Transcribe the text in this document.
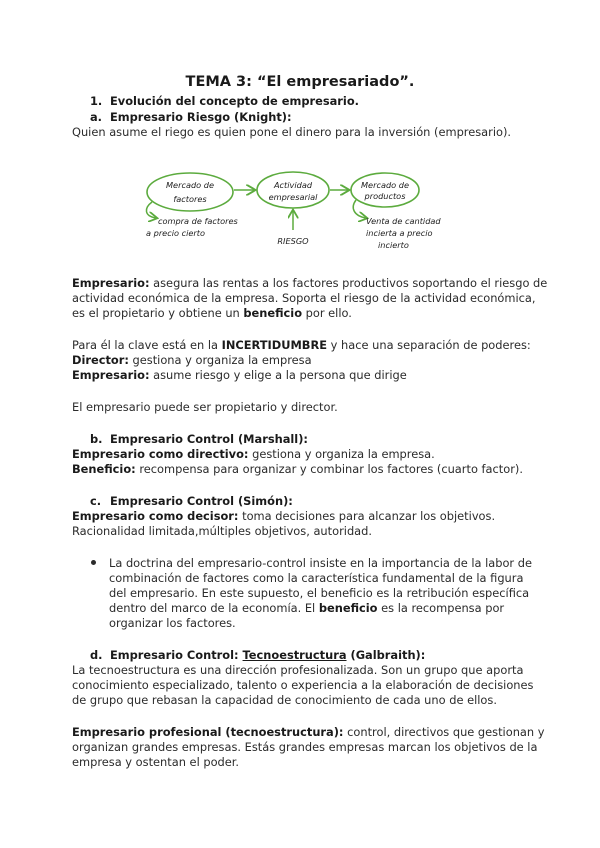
TEMA 3: “El empresariado”.
1. Evolución del concepto de empresario.
a. Empresario Riesgo (Knight):
Quien asume el riego es quien pone el dinero para la inversión (empresario).
Mercado de
factores
Actividad
empresarial
Mercado de
productos
compra de factores
a precio cierto
RIESGO
Venta de cantidad
incierta a precio
incierto
Empresario: asegura las rentas a los factores productivos soportando el riesgo de
actividad económica de la empresa. Soporta el riesgo de la actividad económica,
es el propietario y obtiene un beneficio por ello.
Para él la clave está en la INCERTIDUMBRE y hace una separación de poderes:
Director: gestiona y organiza la empresa
Empresario: asume riesgo y elige a la persona que dirige
El empresario puede ser propietario y director.
b. Empresario Control (Marshall):
Empresario como directivo: gestiona y organiza la empresa.
Beneficio: recompensa para organizar y combinar los factores (cuarto factor).
c. Empresario Control (Simón):
Empresario como decisor: toma decisiones para alcanzar los objetivos.
Racionalidad limitada,múltiples objetivos, autoridad.
La doctrina del empresario-control insiste en la importancia de la labor de
combinación de factores como la característica fundamental de la figura
del empresario. En este supuesto, el beneficio es la retribución específica
dentro del marco de la economía. El beneficio es la recompensa por
organizar los factores.
d. Empresario Control: Tecnoestructura (Galbraith):
La tecnoestructura es una dirección profesionalizada. Son un grupo que aporta
conocimiento especializado, talento o experiencia a la elaboración de decisiones
de grupo que rebasan la capacidad de conocimiento de cada uno de ellos.
Empresario profesional (tecnoestructura): control, directivos que gestionan y
organizan grandes empresas. Estás grandes empresas marcan los objetivos de la
empresa y ostentan el poder.
